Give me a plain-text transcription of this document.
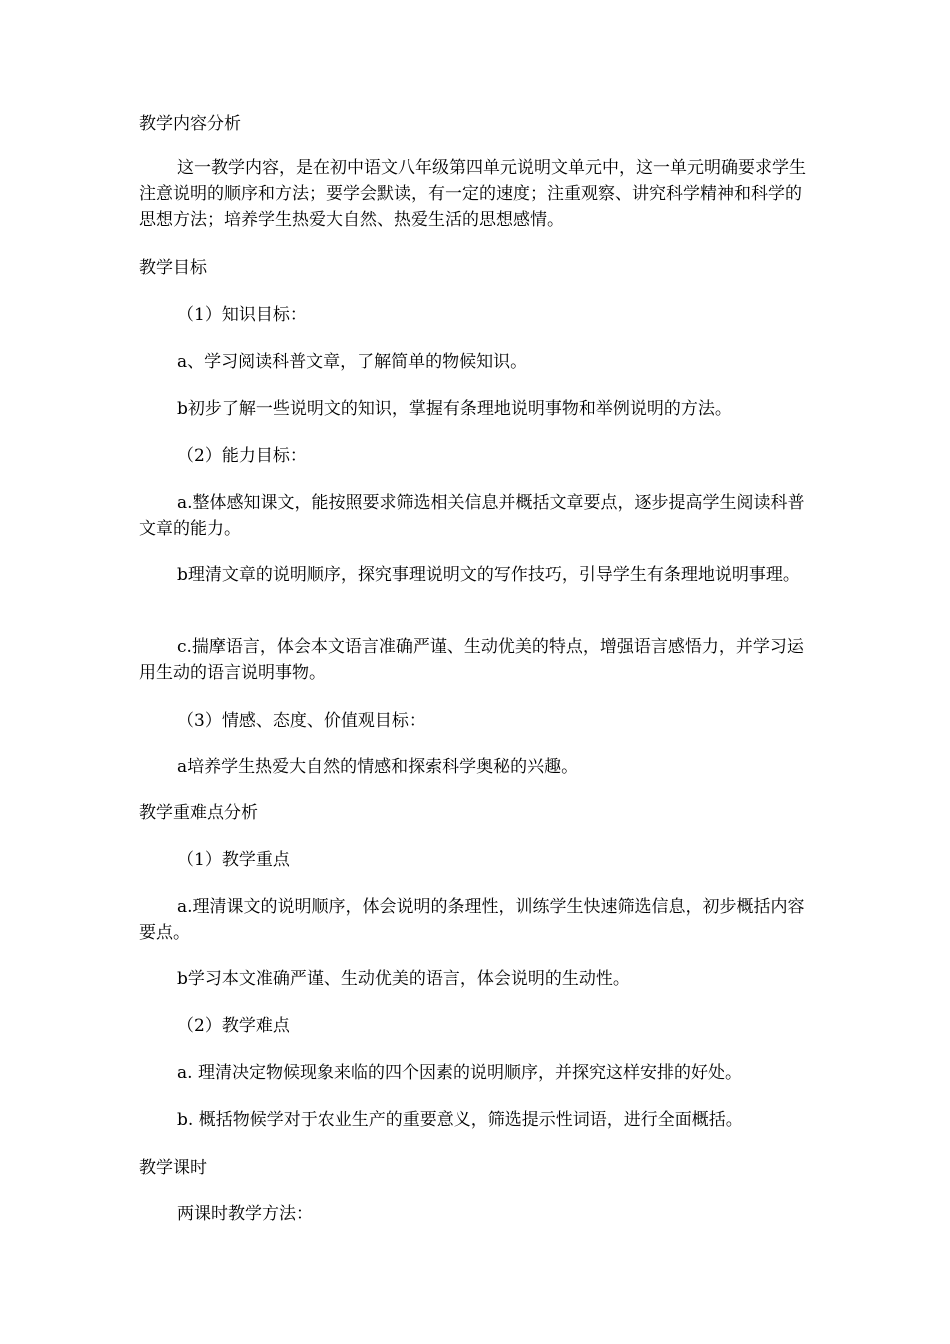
教学内容分析
这一教学内容，是在初中语文八年级第四单元说明文单元中，这一单元明确要求学生注意说明的顺序和方法；要学会默读，有一定的速度；注重观察、讲究科学精神和科学的思想方法；培养学生热爱大自然、热爱生活的思想感情。
教学目标
（1）知识目标：
a、学习阅读科普文章，了解简单的物候知识。
b初步了解一些说明文的知识，掌握有条理地说明事物和举例说明的方法。
（2）能力目标：
a.整体感知课文，能按照要求筛选相关信息并概括文章要点，逐步提高学生阅读科普文章的能力。
b理清文章的说明顺序，探究事理说明文的写作技巧，引导学生有条理地说明事理。
c.揣摩语言，体会本文语言准确严谨、生动优美的特点，增强语言感悟力，并学习运用生动的语言说明事物。
（3）情感、态度、价值观目标：
a培养学生热爱大自然的情感和探索科学奥秘的兴趣。
教学重难点分析
（1）教学重点
a.理清课文的说明顺序，体会说明的条理性，训练学生快速筛选信息，初步概括内容要点。
b学习本文准确严谨、生动优美的语言，体会说明的生动性。
（2）教学难点
a. 理清决定物候现象来临的四个因素的说明顺序，并探究这样安排的好处。
b. 概括物候学对于农业生产的重要意义，筛选提示性词语，进行全面概括。
教学课时
两课时教学方法：
